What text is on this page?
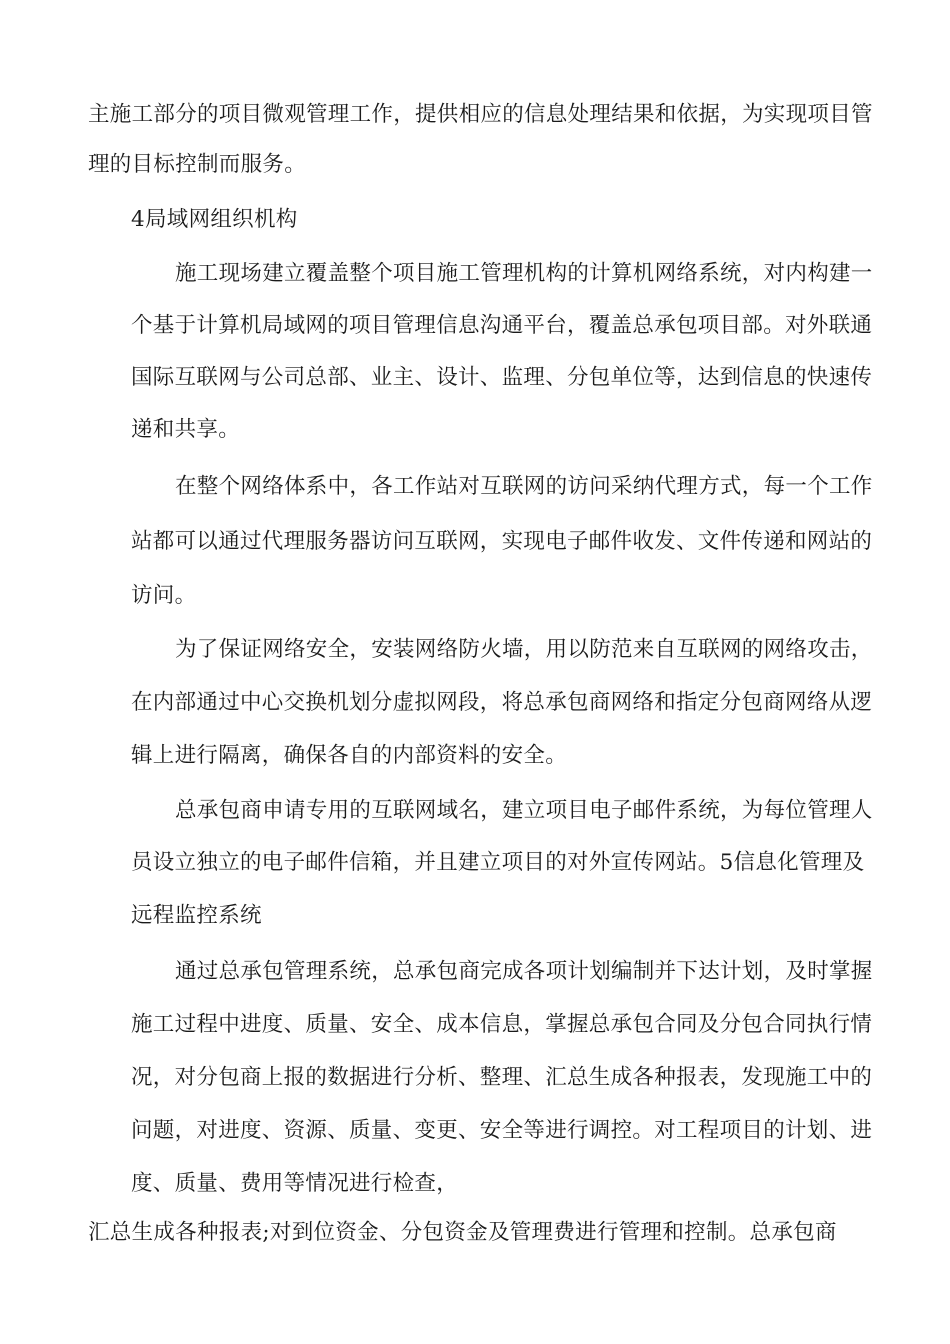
主施工部分的项目微观管理工作，提供相应的信息处理结果和依据，为实现项目管

理的目标控制而服务。

4局域网组织机构

施工现场建立覆盖整个项目施工管理机构的计算机网络系统，对内构建一

个基于计算机局域网的项目管理信息沟通平台，覆盖总承包项目部。对外联通

国际互联网与公司总部、业主、设计、监理、分包单位等，达到信息的快速传

递和共享。

在整个网络体系中，各工作站对互联网的访问采纳代理方式，每一个工作

站都可以通过代理服务器访问互联网，实现电子邮件收发、文件传递和网站的

访问。

为了保证网络安全，安装网络防火墙，用以防范来自互联网的网络攻击，

在内部通过中心交换机划分虚拟网段，将总承包商网络和指定分包商网络从逻

辑上进行隔离，确保各自的内部资料的安全。

总承包商申请专用的互联网域名，建立项目电子邮件系统，为每位管理人

员设立独立的电子邮件信箱，并且建立项目的对外宣传网站。5信息化管理及

远程监控系统

通过总承包管理系统，总承包商完成各项计划编制并下达计划，及时掌握

施工过程中进度、质量、安全、成本信息，掌握总承包合同及分包合同执行情

况，对分包商上报的数据进行分析、整理、汇总生成各种报表，发现施工中的

问题，对进度、资源、质量、变更、安全等进行调控。对工程项目的计划、进

度、质量、费用等情况进行检查，

汇总生成各种报表;对到位资金、分包资金及管理费进行管理和控制。总承包商
